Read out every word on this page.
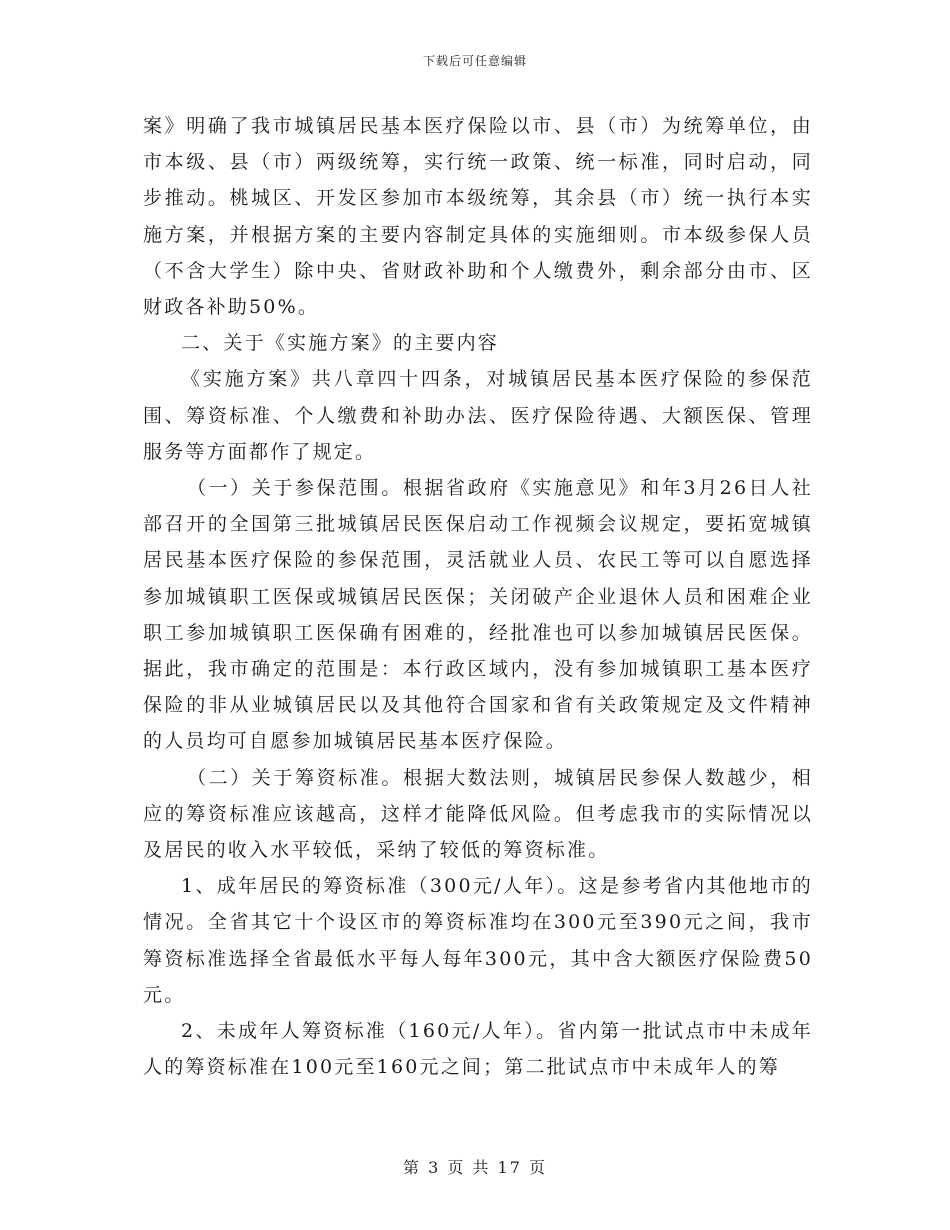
下载后可任意编辑

案》明确了我市城镇居民基本医疗保险以市、县（市）为统筹单位，由市本级、县（市）两级统筹，实行统一政策、统一标准，同时启动，同步推动。桃城区、开发区参加市本级统筹，其余县（市）统一执行本实施方案，并根据方案的主要内容制定具体的实施细则。市本级参保人员（不含大学生）除中央、省财政补助和个人缴费外，剩余部分由市、区财政各补助50%。

二、关于《实施方案》的主要内容

《实施方案》共八章四十四条，对城镇居民基本医疗保险的参保范围、筹资标准、个人缴费和补助办法、医疗保险待遇、大额医保、管理服务等方面都作了规定。

（一）关于参保范围。根据省政府《实施意见》和年3月26日人社部召开的全国第三批城镇居民医保启动工作视频会议规定，要拓宽城镇居民基本医疗保险的参保范围，灵活就业人员、农民工等可以自愿选择参加城镇职工医保或城镇居民医保；关闭破产企业退休人员和困难企业职工参加城镇职工医保确有困难的，经批准也可以参加城镇居民医保。据此，我市确定的范围是：本行政区域内，没有参加城镇职工基本医疗保险的非从业城镇居民以及其他符合国家和省有关政策规定及文件精神的人员均可自愿参加城镇居民基本医疗保险。

（二）关于筹资标准。根据大数法则，城镇居民参保人数越少，相应的筹资标准应该越高，这样才能降低风险。但考虑我市的实际情况以及居民的收入水平较低，采纳了较低的筹资标准。

1、成年居民的筹资标准（300元/人年）。这是参考省内其他地市的情况。全省其它十个设区市的筹资标准均在300元至390元之间，我市筹资标准选择全省最低水平每人每年300元，其中含大额医疗保险费50元。

2、未成年人筹资标准（160元/人年）。省内第一批试点市中未成年人的筹资标准在100元至160元之间；第二批试点市中未成年人的筹

第 3 页 共 17 页
